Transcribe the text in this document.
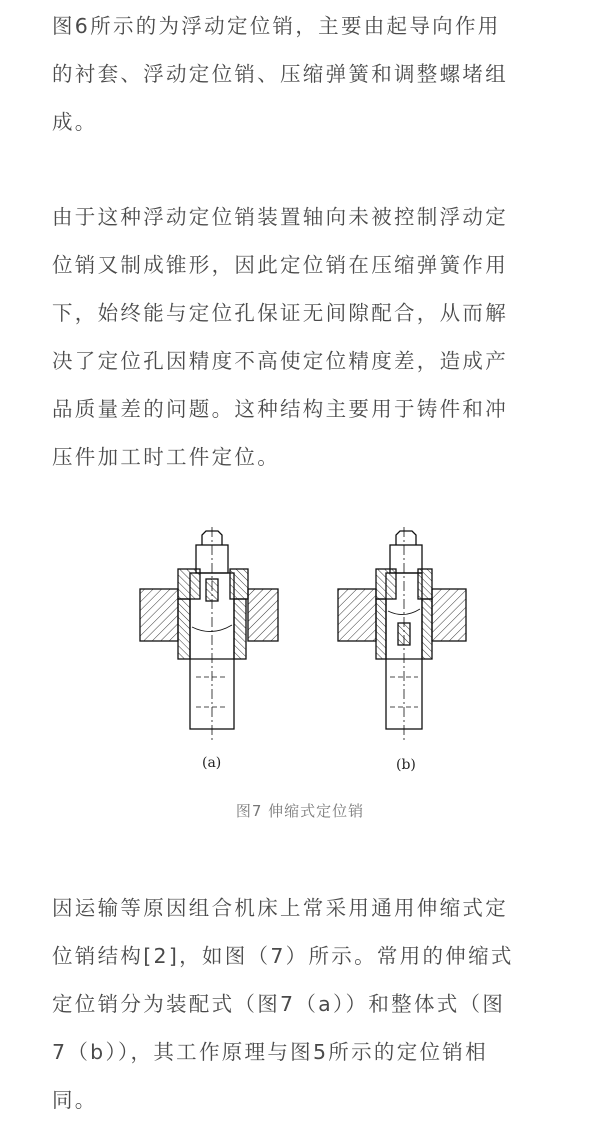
图6所示的为浮动定位销，主要由起导向作用
的衬套、浮动定位销、压缩弹簧和调整螺堵组
成。
由于这种浮动定位销装置轴向未被控制浮动定
位销又制成锥形，因此定位销在压缩弹簧作用
下，始终能与定位孔保证无间隙配合，从而解
决了定位孔因精度不高使定位精度差，造成产
品质量差的问题。这种结构主要用于铸件和冲
压件加工时工件定位。
(a)	(b)
图7 伸缩式定位销
因运输等原因组合机床上常采用通用伸缩式定
位销结构[2]，如图（7）所示。常用的伸缩式
定位销分为装配式（图7（a））和整体式（图
7（b）），其工作原理与图5所示的定位销相
同。
